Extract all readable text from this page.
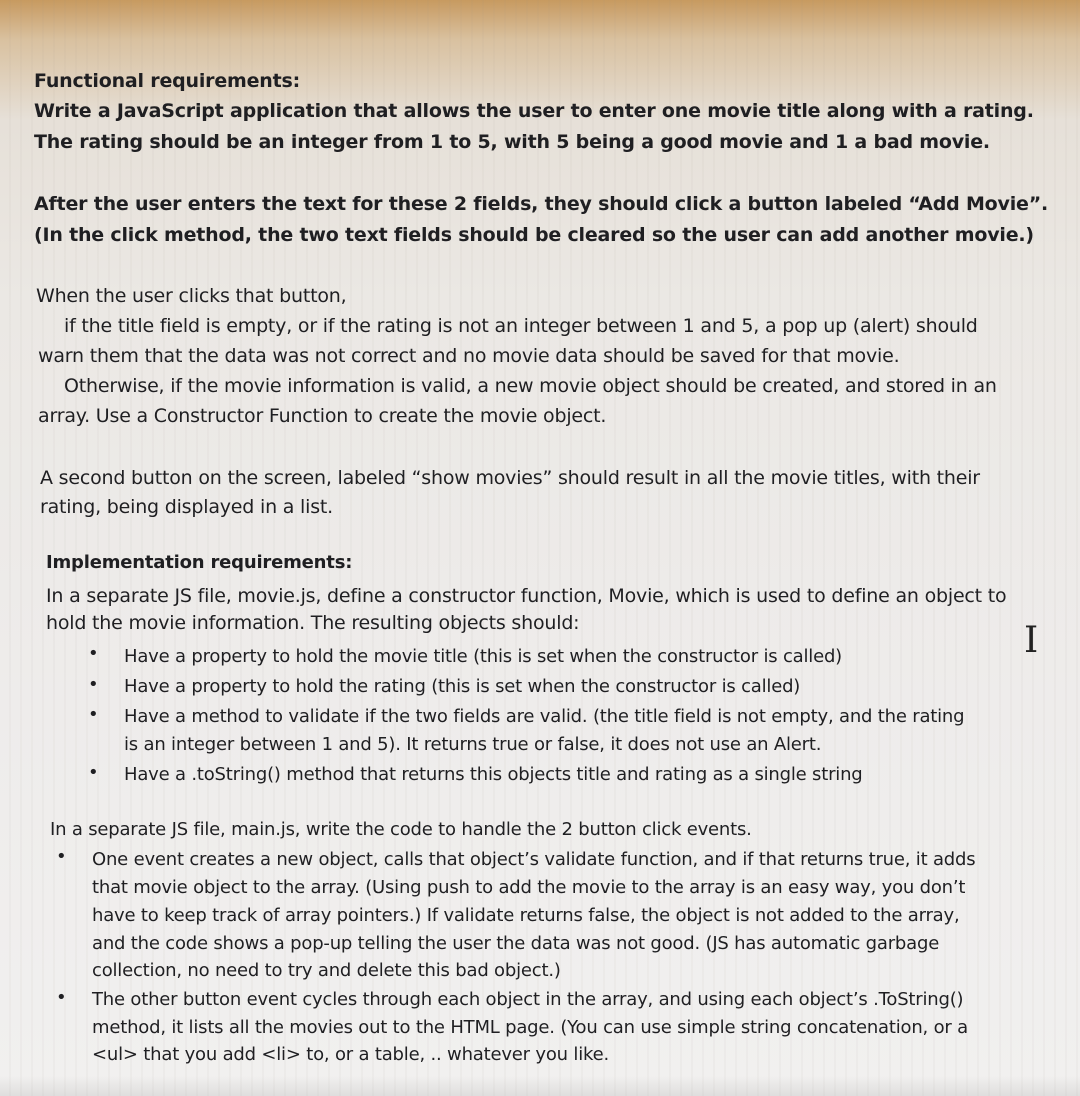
Functional requirements:
Write a JavaScript application that allows the user to enter one movie title along with a rating.
The rating should be an integer from 1 to 5, with 5 being a good movie and 1 a bad movie.
After the user enters the text for these 2 fields, they should click a button labeled “Add Movie”.
(In the click method, the two text fields should be cleared so the user can add another movie.)
When the user clicks that button,
if the title field is empty, or if the rating is not an integer between 1 and 5, a pop up (alert) should
warn them that the data was not correct and no movie data should be saved for that movie.
Otherwise, if the movie information is valid, a new movie object should be created, and stored in an
array. Use a Constructor Function to create the movie object.
A second button on the screen, labeled “show movies” should result in all the movie titles, with their
rating, being displayed in a list.
Implementation requirements:
In a separate JS file, movie.js, define a constructor function, Movie, which is used to define an object to
hold the movie information. The resulting objects should:
• Have a property to hold the movie title (this is set when the constructor is called)
• Have a property to hold the rating (this is set when the constructor is called)
• Have a method to validate if the two fields are valid. (the title field is not empty, and the rating
is an integer between 1 and 5). It returns true or false, it does not use an Alert.
• Have a .toString() method that returns this objects title and rating as a single string
In a separate JS file, main.js, write the code to handle the 2 button click events.
• One event creates a new object, calls that object’s validate function, and if that returns true, it adds
that movie object to the array. (Using push to add the movie to the array is an easy way, you don’t
have to keep track of array pointers.) If validate returns false, the object is not added to the array,
and the code shows a pop-up telling the user the data was not good. (JS has automatic garbage
collection, no need to try and delete this bad object.)
• The other button event cycles through each object in the array, and using each object’s .ToString()
method, it lists all the movies out to the HTML page. (You can use simple string concatenation, or a
<ul> that you add <li> to, or a table, .. whatever you like.
I
